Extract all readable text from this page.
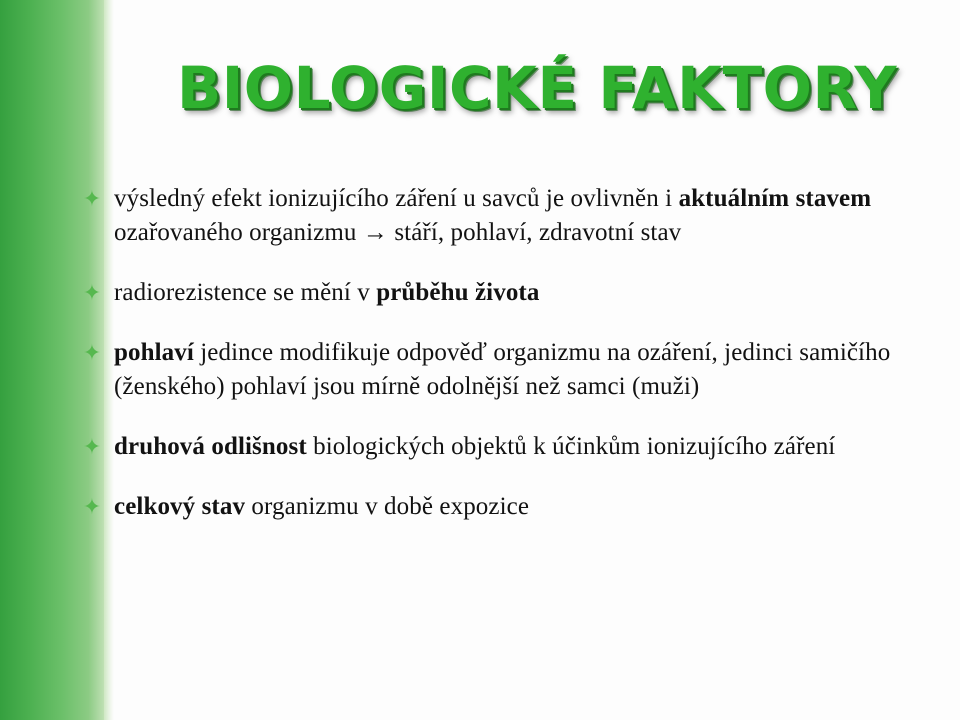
BIOLOGICKÉ FAKTORY
✦ výsledný efekt ionizujícího záření u savců je ovlivněn i aktuálním stavem ozařovaného organizmu → stáří, pohlaví, zdravotní stav
✦ radiorezistence se mění v průběhu života
✦ pohlaví jedince modifikuje odpověď organizmu na ozáření, jedinci samičího (ženského) pohlaví jsou mírně odolnější než samci (muži)
✦ druhová odlišnost biologických objektů k účinkům ionizujícího záření
✦ celkový stav organizmu v době expozice
